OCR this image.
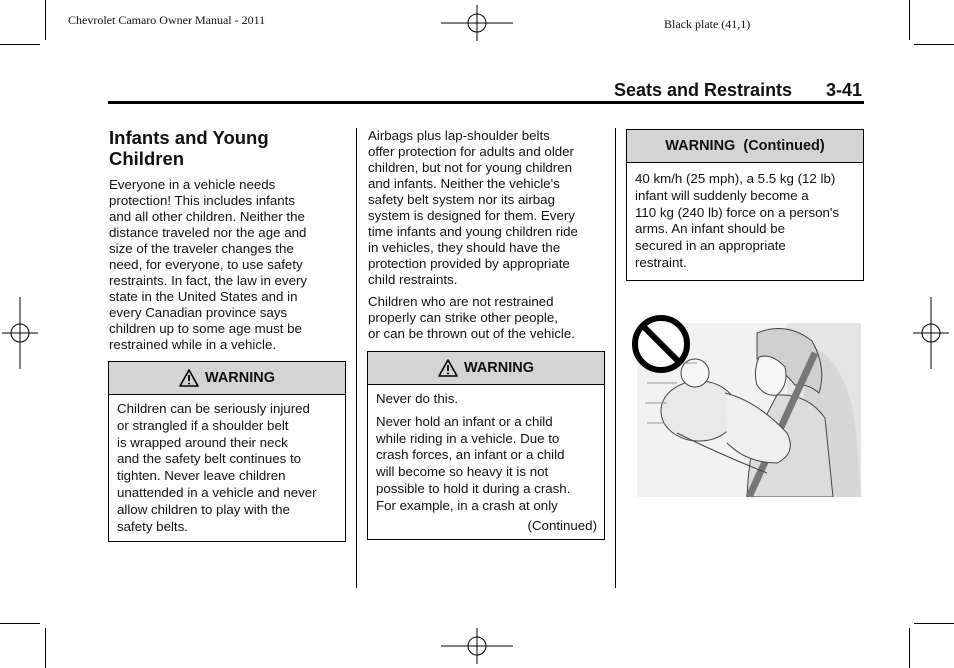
Chevrolet Camaro Owner Manual - 2011	Black plate (41,1)
Seats and Restraints 3-41
Infants and Young
Children
Everyone in a vehicle needs
protection! This includes infants
and all other children. Neither the
distance traveled nor the age and
size of the traveler changes the
need, for everyone, to use safety
restraints. In fact, the law in every
state in the United States and in
every Canadian province says
children up to some age must be
restrained while in a vehicle.
WARNING
Children can be seriously injured
or strangled if a shoulder belt
is wrapped around their neck
and the safety belt continues to
tighten. Never leave children
unattended in a vehicle and never
allow children to play with the
safety belts.
Airbags plus lap-shoulder belts
offer protection for adults and older
children, but not for young children
and infants. Neither the vehicle's
safety belt system nor its airbag
system is designed for them. Every
time infants and young children ride
in vehicles, they should have the
protection provided by appropriate
child restraints.
Children who are not restrained
properly can strike other people,
or can be thrown out of the vehicle.
WARNING
Never do this.
Never hold an infant or a child
while riding in a vehicle. Due to
crash forces, an infant or a child
will become so heavy it is not
possible to hold it during a crash.
For example, in a crash at only
(Continued)
WARNING  (Continued)
40 km/h (25 mph), a 5.5 kg (12 lb)
infant will suddenly become a
110 kg (240 lb) force on a person's
arms. An infant should be
secured in an appropriate
restraint.
